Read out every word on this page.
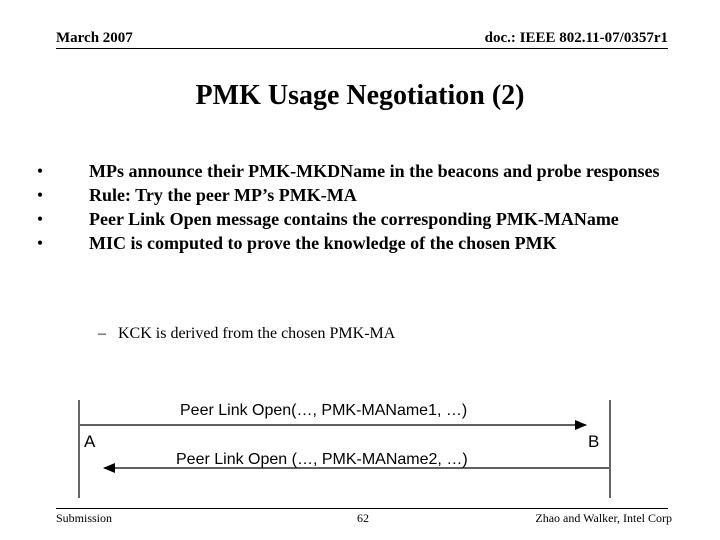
March 2007	doc.: IEEE 802.11-07/0357r1
PMK Usage Negotiation (2)
•	MPs announce their PMK-MKDName in the beacons and probe responses
•	Rule: Try the peer MP’s PMK-MA
•	Peer Link Open message contains the corresponding PMK-MAName
•	MIC is computed to prove the knowledge of the chosen PMK
– KCK is derived from the chosen PMK-MA
Peer Link Open(…, PMK-MAName1, …)
Peer Link Open (…, PMK-MAName2, …)
A	B
Submission	62	Zhao and Walker, Intel Corp
